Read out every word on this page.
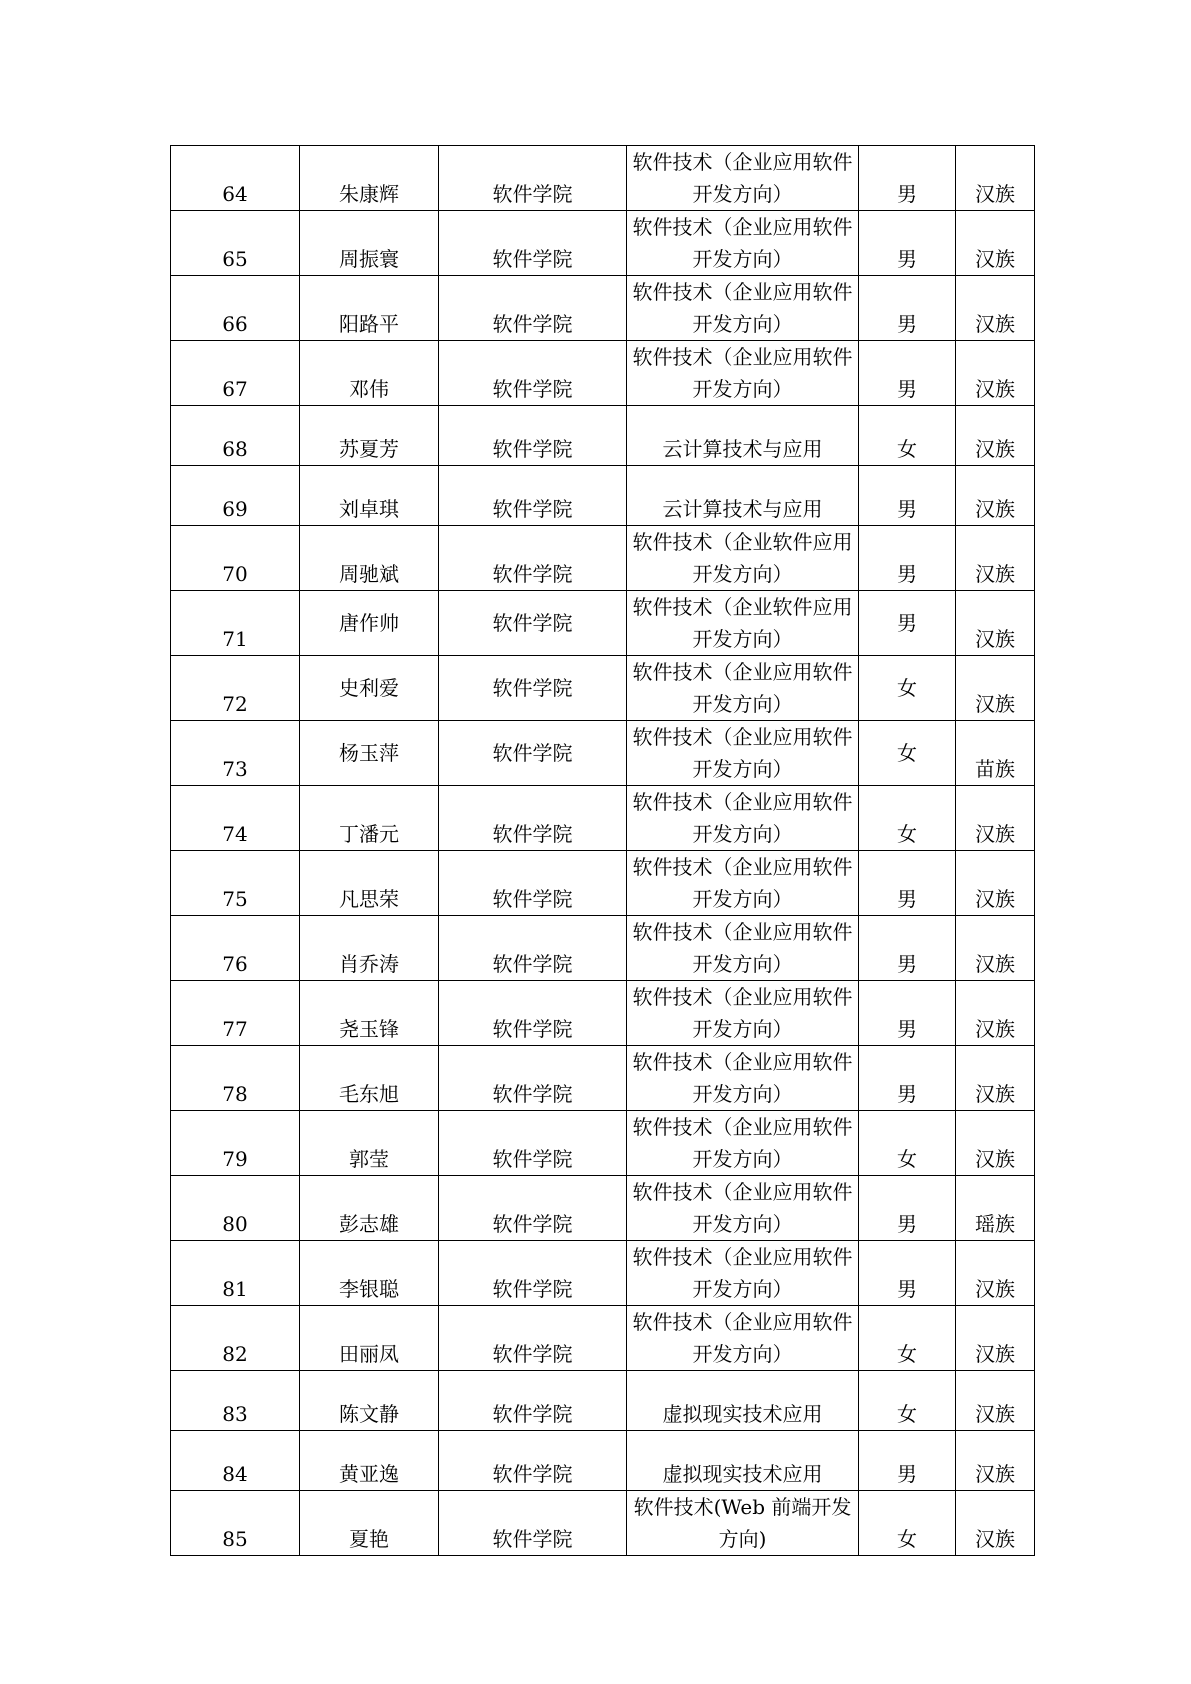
64	朱康辉	软件学院	软件技术（企业应用软件开发方向）	男	汉族
65	周振寰	软件学院	软件技术（企业应用软件开发方向）	男	汉族
66	阳路平	软件学院	软件技术（企业应用软件开发方向）	男	汉族
67	邓伟	软件学院	软件技术（企业应用软件开发方向）	男	汉族
68	苏夏芳	软件学院	云计算技术与应用	女	汉族
69	刘卓琪	软件学院	云计算技术与应用	男	汉族
70	周驰斌	软件学院	软件技术（企业软件应用开发方向）	男	汉族
71	唐作帅	软件学院	软件技术（企业软件应用开发方向）	男	汉族
72	史利爱	软件学院	软件技术（企业应用软件开发方向）	女	汉族
73	杨玉萍	软件学院	软件技术（企业应用软件开发方向）	女	苗族
74	丁潘元	软件学院	软件技术（企业应用软件开发方向）	女	汉族
75	凡思荣	软件学院	软件技术（企业应用软件开发方向）	男	汉族
76	肖乔涛	软件学院	软件技术（企业应用软件开发方向）	男	汉族
77	尧玉锋	软件学院	软件技术（企业应用软件开发方向）	男	汉族
78	毛东旭	软件学院	软件技术（企业应用软件开发方向）	男	汉族
79	郭莹	软件学院	软件技术（企业应用软件开发方向）	女	汉族
80	彭志雄	软件学院	软件技术（企业应用软件开发方向）	男	瑶族
81	李银聪	软件学院	软件技术（企业应用软件开发方向）	男	汉族
82	田丽凤	软件学院	软件技术（企业应用软件开发方向）	女	汉族
83	陈文静	软件学院	虚拟现实技术应用	女	汉族
84	黄亚逸	软件学院	虚拟现实技术应用	男	汉族
85	夏艳	软件学院	软件技术(Web 前端开发方向)	女	汉族
